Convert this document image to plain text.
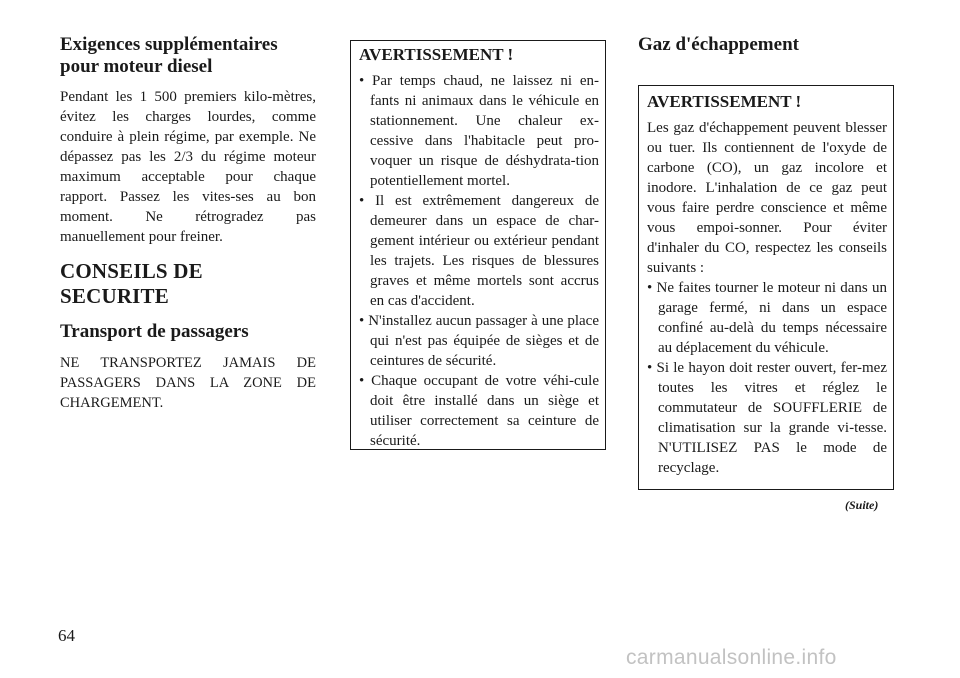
Exigences supplémentaires pour moteur diesel

Pendant les 1 500 premiers kilo-mètres, évitez les charges lourdes, comme conduire à plein régime, par exemple. Ne dépassez pas les 2/3 du régime moteur maximum acceptable pour chaque rapport. Passez les vites-ses au bon moment. Ne rétrogradez pas manuellement pour freiner.

CONSEILS DE SECURITE
Transport de passagers

NE TRANSPORTEZ JAMAIS DE PASSAGERS DANS LA ZONE DE CHARGEMENT.

AVERTISSEMENT !
• Par temps chaud, ne laissez ni en-fants ni animaux dans le véhicule en stationnement. Une chaleur ex-cessive dans l'habitacle peut pro-voquer un risque de déshydrata-tion potentiellement mortel.
• Il est extrêmement dangereux de demeurer dans un espace de char-gement intérieur ou extérieur pendant les trajets. Les risques de blessures graves et même mortels sont accrus en cas d'accident.
• N'installez aucun passager à une place qui n'est pas équipée de sièges et de ceintures de sécurité.
• Chaque occupant de votre véhi-cule doit être installé dans un siège et utiliser correctement sa ceinture de sécurité.
Gaz d'échappement
AVERTISSEMENT !

Les gaz d'échappement peuvent blesser ou tuer. Ils contiennent de l'oxyde de carbone (CO), un gaz incolore et inodore. L'inhalation de ce gaz peut vous faire perdre conscience et même vous empoi-sonner. Pour éviter d'inhaler du CO, respectez les conseils suivants :

• Ne faites tourner le moteur ni dans un garage fermé, ni dans un espace confiné au-delà du temps nécessaire au déplacement du véhicule.
• Si le hayon doit rester ouvert, fer-mez toutes les vitres et réglez le commutateur de SOUFFLERIE de climatisation sur la grande vi-tesse. N'UTILISEZ PAS le mode de recyclage.
(Suite)
64
carmanualsonline.info
